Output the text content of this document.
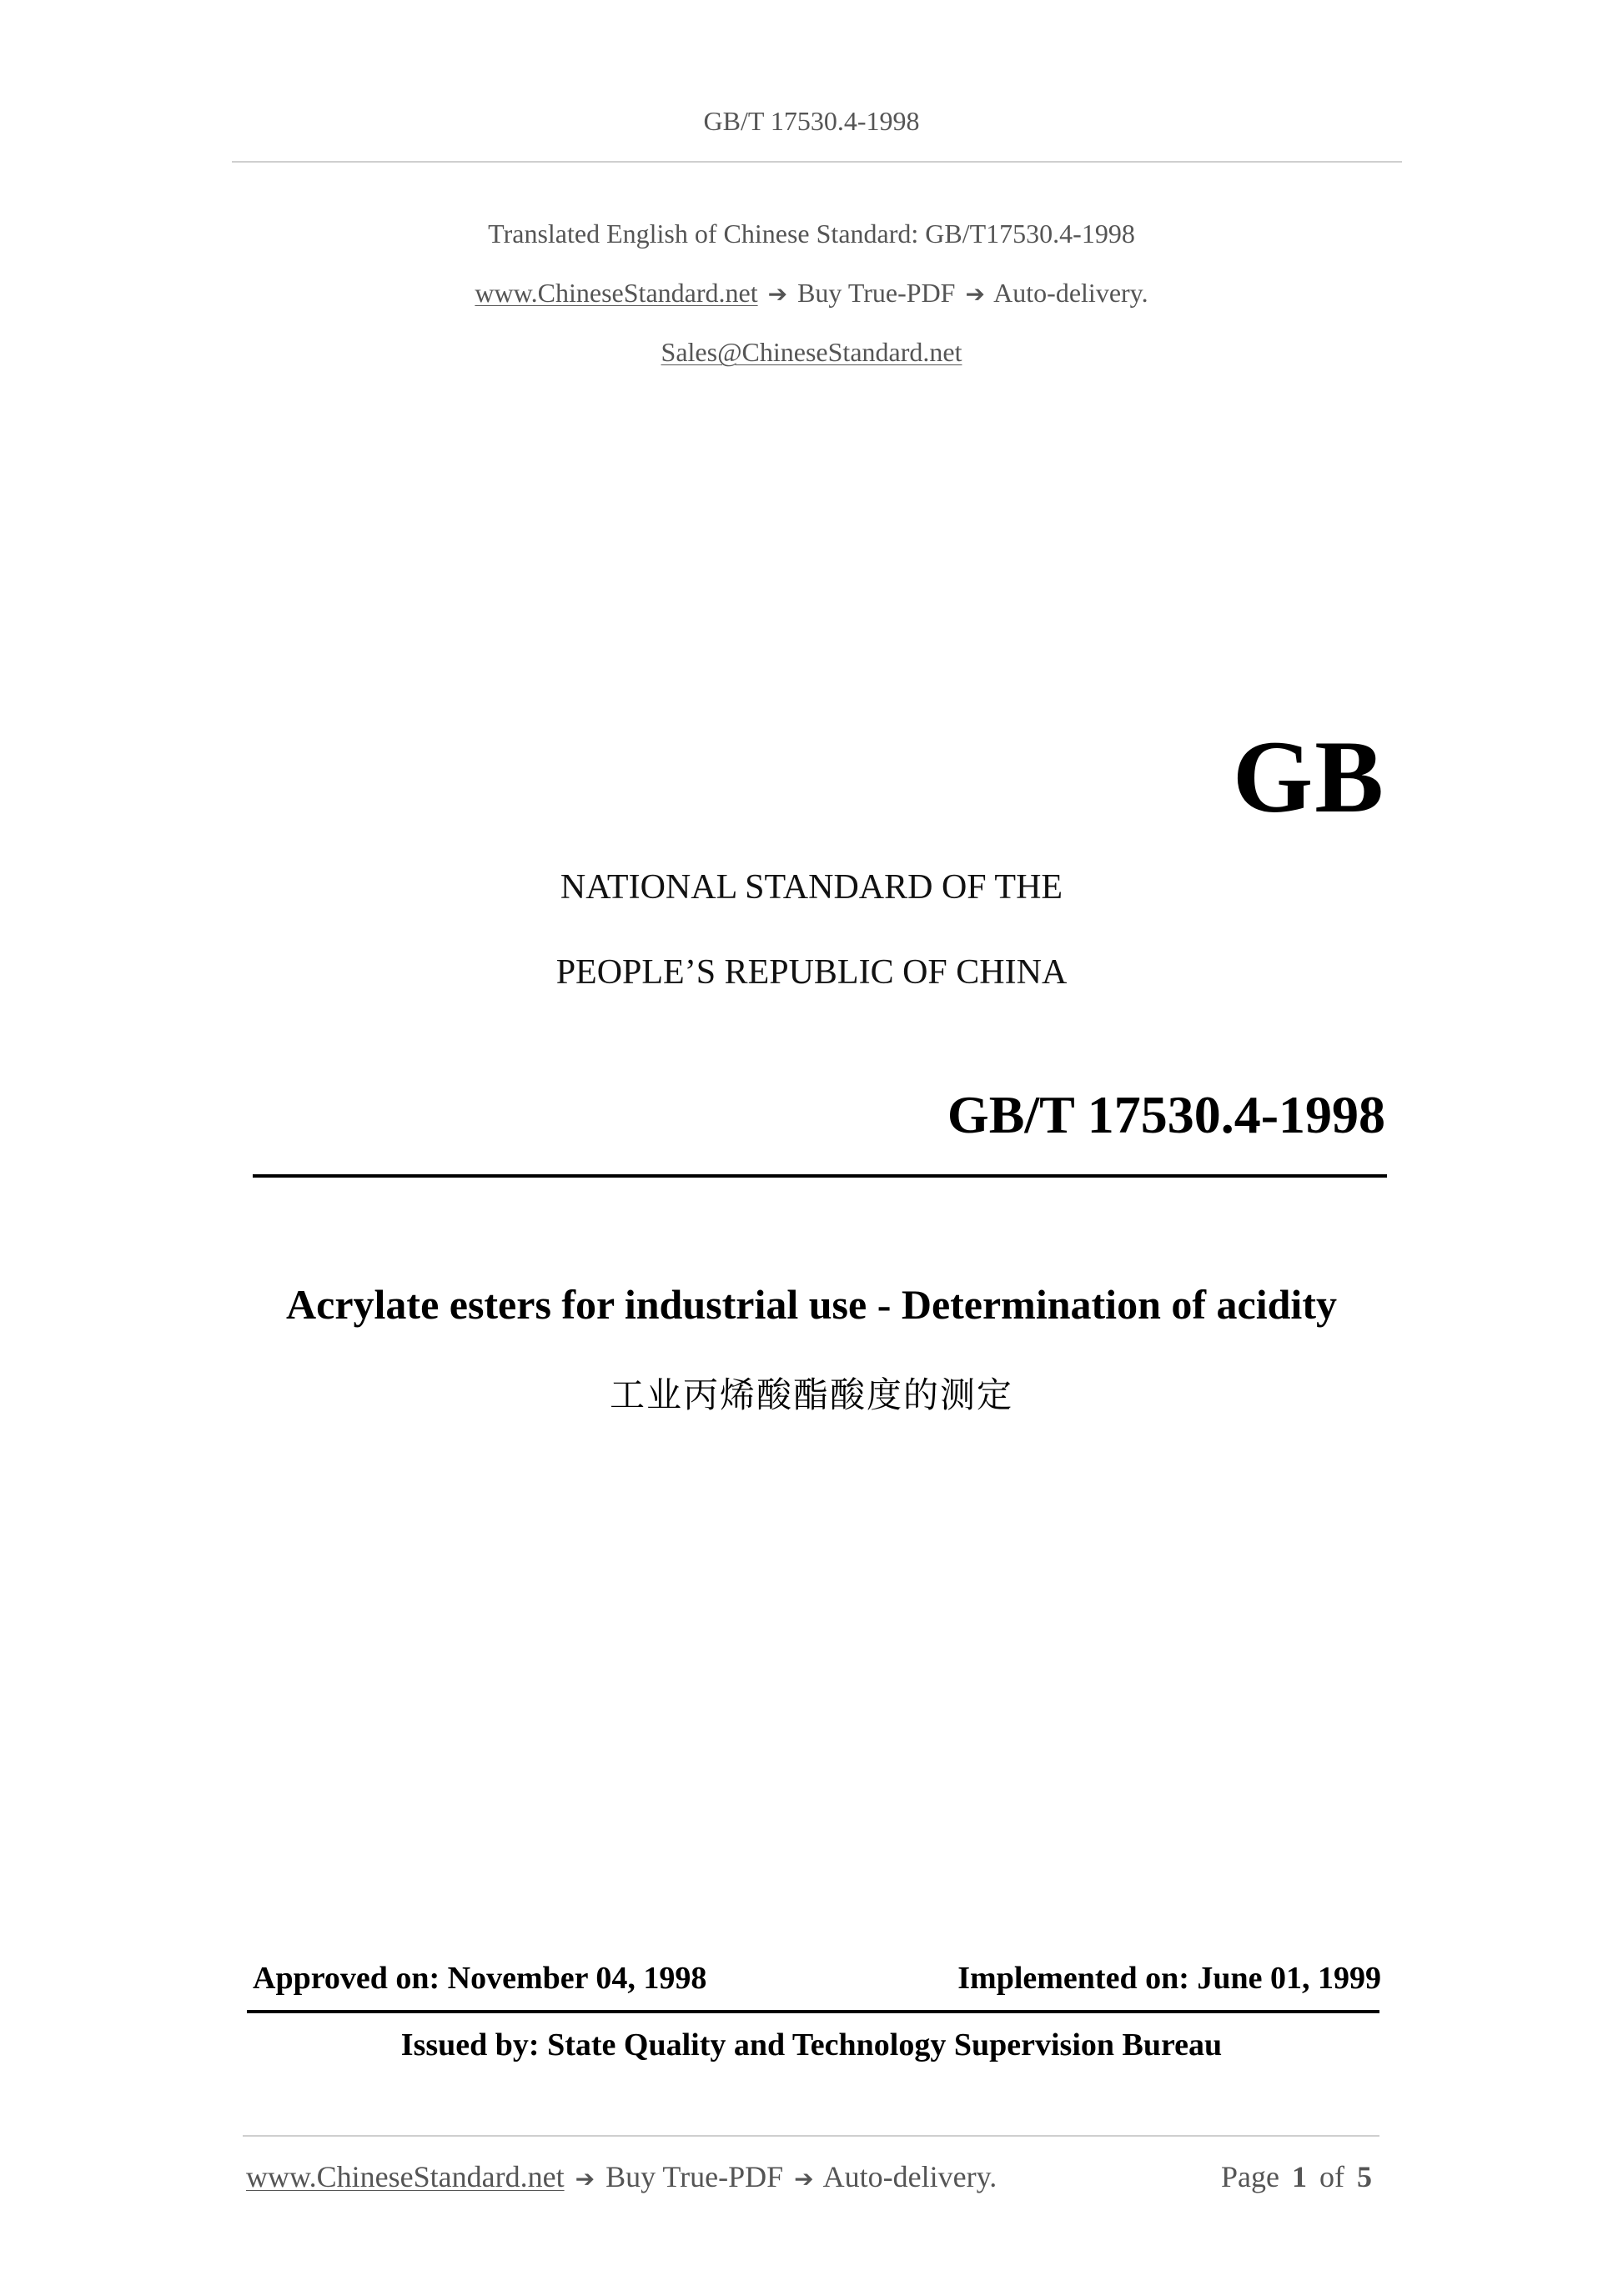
GB/T 17530.4-1998
Translated English of Chinese Standard: GB/T17530.4-1998
www.ChineseStandard.net ➔ Buy True-PDF ➔ Auto-delivery.
Sales@ChineseStandard.net
GB
NATIONAL STANDARD OF THE
PEOPLE’S REPUBLIC OF CHINA
GB/T 17530.4-1998
Acrylate esters for industrial use - Determination of acidity
工业丙烯酸酯酸度的测定
Approved on: November 04, 1998	Implemented on: June 01, 1999
Issued by: State Quality and Technology Supervision Bureau
www.ChineseStandard.net ➔ Buy True-PDF ➔ Auto-delivery.	Page 1 of 5
